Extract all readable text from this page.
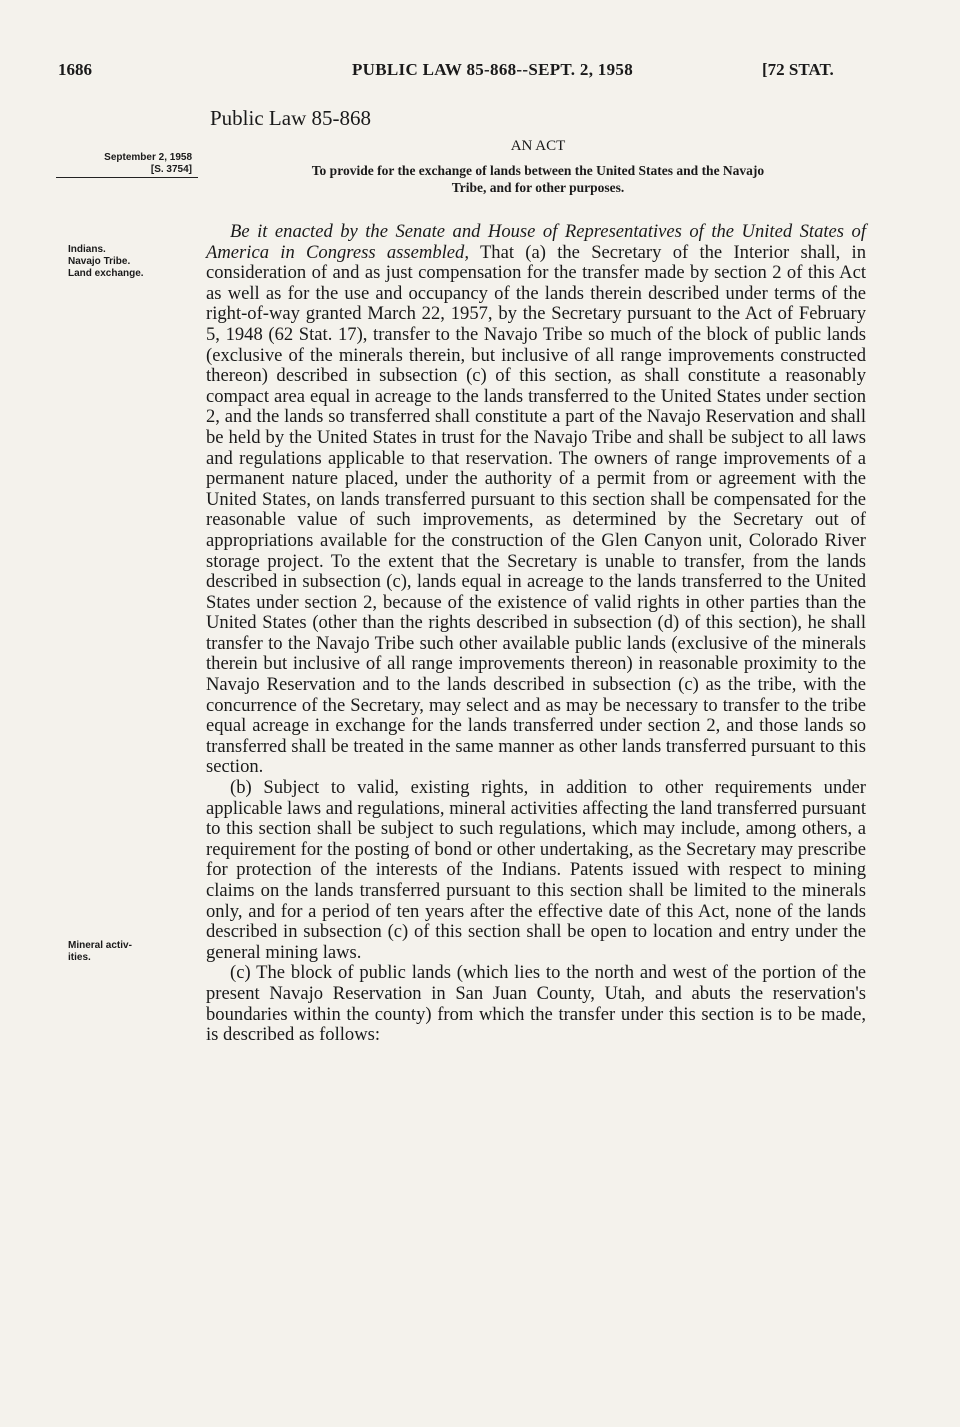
1686	PUBLIC LAW 85-868--SEPT. 2, 1958	[72 STAT.
Public Law 85-868
September 2, 1958
[S. 3754]
AN ACT
To provide for the exchange of lands between the United States and the Navajo
Tribe, and for other purposes.
Indians.
Navajo Tribe.
Land exchange.
Mineral activ-
ities.

Be it enacted by the Senate and House of Representatives of the United States of America in Congress assembled, That (a) the Secretary of the Interior shall, in consideration of and as just compensation for the transfer made by section 2 of this Act as well as for the use and occupancy of the lands therein described under terms of the right-of-way granted March 22, 1957, by the Secretary pursuant to the Act of February 5, 1948 (62 Stat. 17), transfer to the Navajo Tribe so much of the block of public lands (exclusive of the minerals therein, but inclusive of all range improvements constructed thereon) described in subsection (c) of this section, as shall constitute a reasonably compact area equal in acreage to the lands transferred to the United States under section 2, and the lands so transferred shall constitute a part of the Navajo Reservation and shall be held by the United States in trust for the Navajo Tribe and shall be subject to all laws and regulations applicable to that reservation. The owners of range improvements of a permanent nature placed, under the authority of a permit from or agreement with the United States, on lands transferred pursuant to this section shall be compensated for the reasonable value of such improvements, as determined by the Secretary out of appropriations available for the construction of the Glen Canyon unit, Colorado River storage project. To the extent that the Secretary is unable to transfer, from the lands described in subsection (c), lands equal in acreage to the lands transferred to the United States under section 2, because of the existence of valid rights in other parties than the United States (other than the rights described in subsection (d) of this section), he shall transfer to the Navajo Tribe such other available public lands (exclusive of the minerals therein but inclusive of all range improvements thereon) in reasonable proximity to the Navajo Reservation and to the lands described in subsection (c) as the tribe, with the concurrence of the Secretary, may select and as may be necessary to transfer to the tribe equal acreage in exchange for the lands transferred under section 2, and those lands so transferred shall be treated in the same manner as other lands transferred pursuant to this section.

(b) Subject to valid, existing rights, in addition to other requirements under applicable laws and regulations, mineral activities affecting the land transferred pursuant to this section shall be subject to such regulations, which may include, among others, a requirement for the posting of bond or other undertaking, as the Secretary may prescribe for protection of the interests of the Indians. Patents issued with respect to mining claims on the lands transferred pursuant to this section shall be limited to the minerals only, and for a period of ten years after the effective date of this Act, none of the lands described in subsection (c) of this section shall be open to location and entry under the general mining laws.

(c) The block of public lands (which lies to the north and west of the portion of the present Navajo Reservation in San Juan County, Utah, and abuts the reservation's boundaries within the county) from which the transfer under this section is to be made, is described as follows:
